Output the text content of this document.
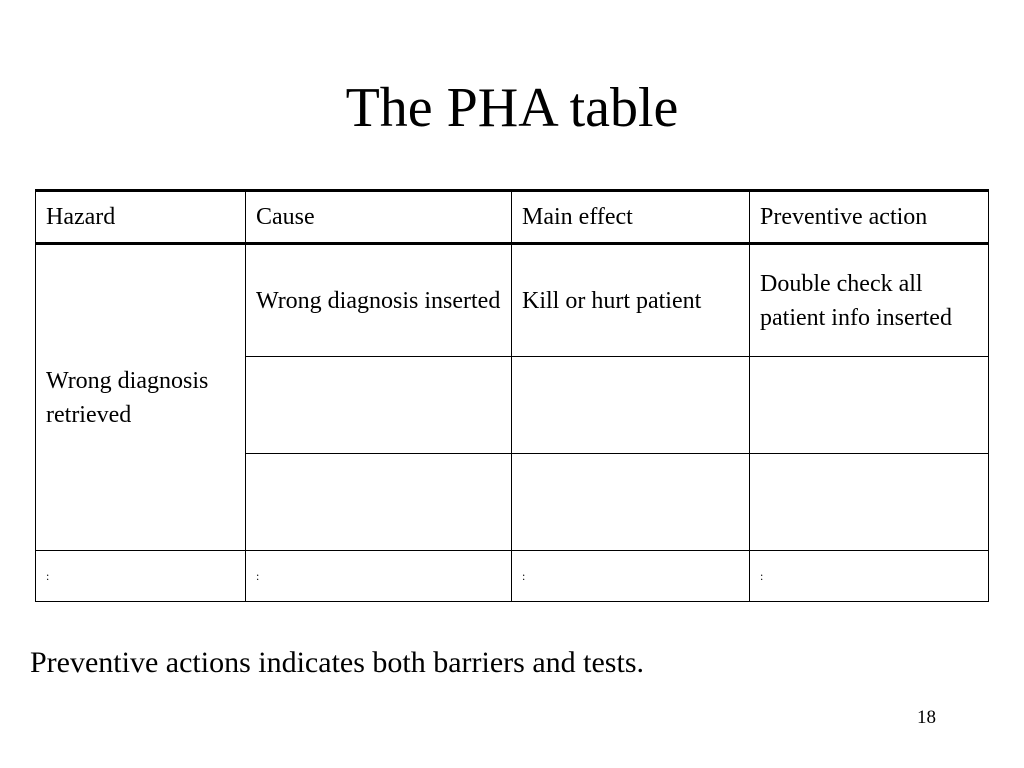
The PHA table
Hazard	Cause	Main effect	Preventive action
Wrong diagnosis retrieved	Wrong diagnosis inserted	Kill or hurt patient	Double check all patient info inserted

:	:	:	:

Preventive actions indicates both barriers and tests.

18
